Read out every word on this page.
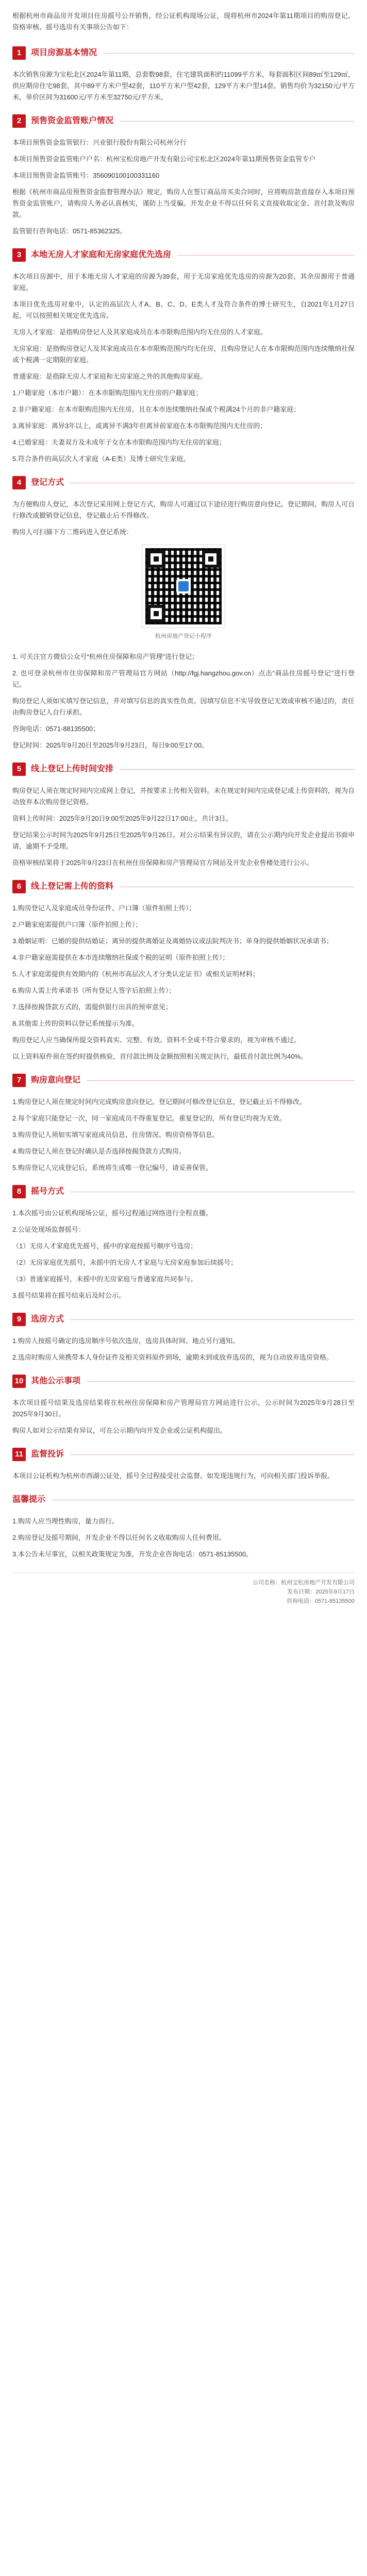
根据杭州市商品房开发项目住房摇号公开销售，经公证机构现场公证，现将杭州市2024年第11期项目的购房登记、资格审核、摇号选房有关事项公告如下：

1	项目房源基本情况

本次销售房源为宝松北区2024年第11期，总套数98套，住宅建筑面积约11099平方米，每套面积区间89㎡至129㎡，供应期房住宅98套，其中89平方米户型42套，110平方米户型42套，129平方米户型14套。销售均价为32150元/平方米，单价区间为31600元/平方米至32750元/平方米。

2	预售资金监管账户情况

本项目预售资金监管银行：兴业银行股份有限公司杭州分行

本项目预售资金监管账户户名：杭州宝松房地产开发有限公司宝松北区2024年第11期预售资金监管专户

本项目预售资金监管账号：356090100100331160

根据《杭州市商品房预售资金监督管理办法》规定，购房人在签订商品房买卖合同时，应将购房款直接存入本项目预售资金监管账户，请购房人务必认真核实，谨防上当受骗。开发企业不得以任何名义直接收取定金、首付款及购房款。

监管银行咨询电话：0571-85362325。

3	本地无房人才家庭和无房家庭优先选房

本次项目房源中，用于本地无房人才家庭的房源为39套，用于无房家庭优先选房的房源为20套，其余房源用于普通家庭。

本项目优先选房对象中，认定的高层次人才A、B、C、D、E类人才及符合条件的博士研究生，自2021年1月27日起，可以按照相关规定优先选房。

无房人才家庭：是指购房登记人及其家庭成员在本市限购范围内均无住房的人才家庭。

无房家庭：是指购房登记人及其家庭成员在本市限购范围内均无住房，且购房登记人在本市限购范围内连续缴纳社保或个税满一定期限的家庭。

普通家庭：是指除无房人才家庭和无房家庭之外的其他购房家庭。

1.户籍家庭（本市户籍）：在本市限购范围内无住房的户籍家庭；

2.非户籍家庭：在本市限购范围内无住房，且在本市连续缴纳社保或个税满24个月的非户籍家庭；

3.离异家庭：离异3年以上，或离异不满3年但离异前家庭在本市限购范围内无住房的；

4.已婚家庭：夫妻双方及未成年子女在本市限购范围内均无住房的家庭；

5.符合条件的高层次人才家庭（A-E类）及博士研究生家庭。

4	登记方式

为方便购房人登记，本次登记采用网上登记方式，购房人可通过以下途径进行购房意向登记。登记期间，购房人可自行修改或撤销登记信息，登记截止后不得修改。

购房人可扫描下方二维码进入登记系统：

杭州房地产登记小程序

1. 可关注官方微信公众号“杭州住房保障和房产管理”进行登记；

2. 也可登录杭州市住房保障和房产管理局官方网站（http://fgj.hangzhou.gov.cn）点击“商品住房摇号登记”进行登记。

购房登记人须如实填写登记信息，并对填写信息的真实性负责。因填写信息不实导致登记无效或审核不通过的，责任由购房登记人自行承担。

咨询电话：0571-88135500；

登记时间：2025年9月20日至2025年9月23日，每日9:00至17:00。

5	线上登记上传时间安排

购房登记人须在规定时间内完成网上登记，并按要求上传相关资料。未在规定时间内完成登记或上传资料的，视为自动放弃本次购房登记资格。

资料上传时间：2025年9月20日9:00至2025年9月22日17:00止，共计3日。

登记结果公示时间为2025年9月25日至2025年9月26日。对公示结果有异议的，请在公示期内向开发企业提出书面申请，逾期不予受理。

资格审核结果将于2025年9月23日在杭州住房保障和房产管理局官方网站及开发企业售楼处进行公示。

6	线上登记需上传的资料

1.购房登记人及家庭成员身份证件、户口簿（原件拍照上传）；

2.户籍家庭需提供户口簿（原件拍照上传）；

3.婚姻证明：已婚的提供结婚证；离异的提供离婚证及离婚协议或法院判决书；单身的提供婚姻状况承诺书；

4.非户籍家庭需提供在本市连续缴纳社保或个税的证明（原件拍照上传）；

5.人才家庭需提供有效期内的《杭州市高层次人才分类认定证书》或相关证明材料；

6.购房人需上传承诺书（所有登记人签字后拍照上传）；

7.选择按揭贷款方式的，需提供银行出具的预审意见；

8.其他需上传的资料以登记系统提示为准。

购房登记人应当确保所提交资料真实、完整、有效。资料不全或不符合要求的，视为审核不通过。

以上资料原件须在签约时提供核验，首付款比例及金额按照相关规定执行，最低首付款比例为40%。

7	购房意向登记

1.购房登记人须在规定时间内完成购房意向登记。登记期间可修改登记信息，登记截止后不得修改。

2.每个家庭只能登记一次，同一家庭成员不得重复登记。重复登记的，所有登记均视为无效。

3.购房登记人须如实填写家庭成员信息、住房情况、购房资格等信息。

4.购房登记人须在登记时确认是否选择按揭贷款方式购房。

5.购房登记人完成登记后，系统将生成唯一登记编号，请妥善保管。

8	摇号方式

1.本次摇号由公证机构现场公证，摇号过程通过网络进行全程直播。

2.公证处现场监督摇号：

（1）无房人才家庭优先摇号，摇中的家庭按摇号顺序号选房；

（2）无房家庭优先摇号，未摇中的无房人才家庭与无房家庭参加后续摇号；

（3）普通家庭摇号，未摇中的无房家庭与普通家庭共同参与。

3.摇号结果将在摇号结束后及时公示。

9	选房方式

1.购房人按摇号确定的选房顺序号依次选房，选房具体时间、地点另行通知。

2.选房时购房人须携带本人身份证件及相关资料原件到场，逾期未到或放弃选房的，视为自动放弃选房资格。

10 其他公示事项

本次项目摇号结果及选房结果将在杭州住房保障和房产管理局官方网站进行公示，公示时间为2025年9月28日至2025年9月30日。

购房人如对公示结果有异议，可在公示期内向开发企业或公证机构提出。

11 监督投诉

本项目公证机构为杭州市西湖公证处，摇号全过程接受社会监督。如发现违规行为，可向相关部门投诉举报。

温馨提示

1.购房人应当理性购房，量力而行。

2.购房登记及摇号期间，开发企业不得以任何名义收取购房人任何费用。

3.本公告未尽事宜，以相关政策规定为准，开发企业咨询电话：0571-85135500。

公司名称：杭州宝松房地产开发有限公司
发布日期：2025年9月17日
咨询电话：0571-85135500
